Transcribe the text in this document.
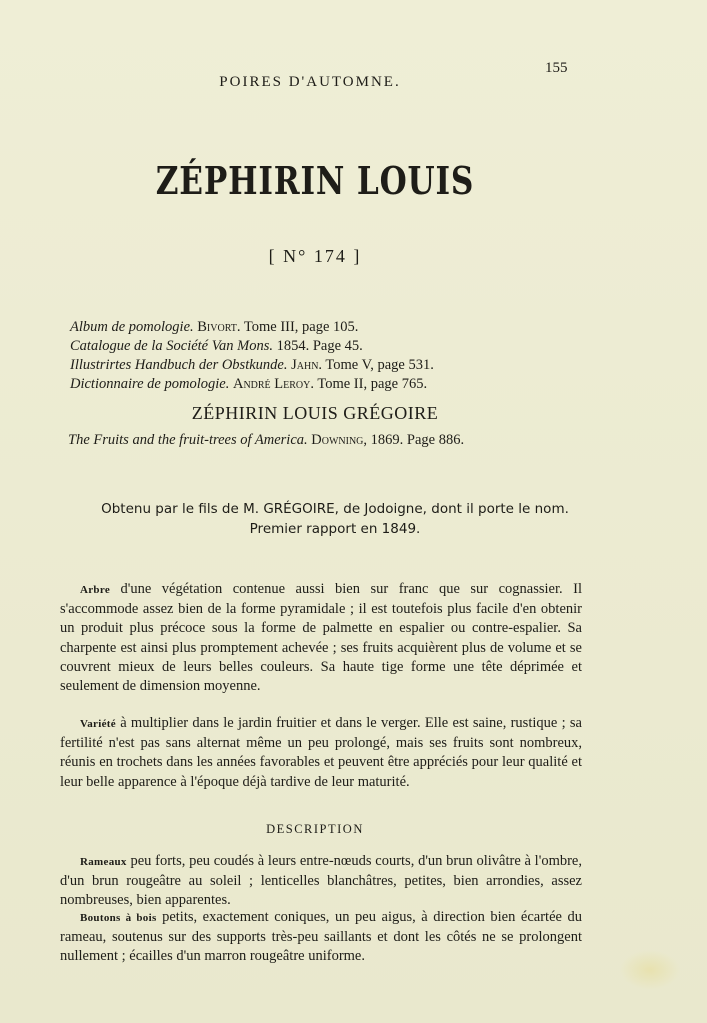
POIRES D'AUTOMNE.
155
ZÉPHIRIN LOUIS
[ N° 174 ]
Album de pomologie. Bivort. Tome III, page 105.
Catalogue de la Société Van Mons. 1854. Page 45.
Illustrirtes Handbuch der Obstkunde. Jahn. Tome V, page 531.
Dictionnaire de pomologie. André Leroy. Tome II, page 765.
ZÉPHIRIN LOUIS GRÉGOIRE
The Fruits and the fruit-trees of America. Downing, 1869. Page 886.
Obtenu par le fils de M. GRÉGOIRE, de Jodoigne, dont il porte le nom.
Premier rapport en 1849.

Arbre d'une végétation contenue aussi bien sur franc que sur cognassier. Il s'accommode assez bien de la forme pyramidale ; il est toutefois plus facile d'en obtenir un produit plus précoce sous la forme de palmette en espalier ou contre-espalier. Sa charpente est ainsi plus promptement achevée ; ses fruits acquièrent plus de volume et se couvrent mieux de leurs belles couleurs. Sa haute tige forme une tête déprimée et seulement de dimension moyenne.

Variété à multiplier dans le jardin fruitier et dans le verger. Elle est saine, rustique ; sa fertilité n'est pas sans alternat même un peu prolongé, mais ses fruits sont nombreux, réunis en trochets dans les années favorables et peuvent être appréciés pour leur qualité et leur belle apparence à l'époque déjà tardive de leur maturité.

DESCRIPTION

Rameaux peu forts, peu coudés à leurs entre-nœuds courts, d'un brun olivâtre à l'ombre, d'un brun rougeâtre au soleil ; lenticelles blanchâtres, petites, bien arrondies, assez nombreuses, bien apparentes.

Boutons à bois petits, exactement coniques, un peu aigus, à direction bien écartée du rameau, soutenus sur des supports très-peu saillants et dont les côtés ne se prolongent nullement ; écailles d'un marron rougeâtre uniforme.
